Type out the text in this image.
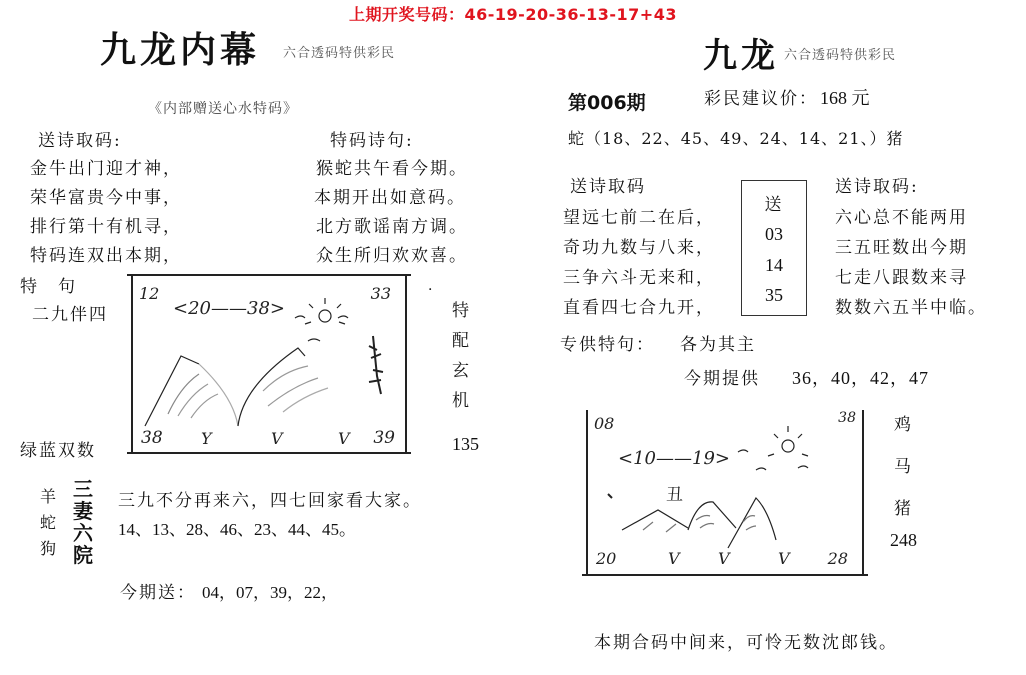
上期开奖号码：46-19-20-36-13-17+43
九龙内幕 六合透码特供彩民
《内部赠送心水特码》
送诗取码:
金牛出门迎才神，
荣华富贵今中事，
排行第十有机寻，
特码连双出本期，
特码诗句:
猴蛇共午看今期。
本期开出如意码。
北方歌谣南方调。
众生所归欢欢喜。
特　句
二九伴四
绿蓝双数
12	33
<20——38>
38 Y	V	V 39
·
特
配
玄
机
135
羊
蛇
狗
三
妻
六
院
三九不分再来六，四七回家看大家。
14、13、28、46、23、44、45。
今期送： 04，07，39，22，
九龙 六合透码特供彩民
第006期	彩民建议价： 168 元
蛇（18、22、45、49、24、14、21、）猪
送诗取码
望远七前二在后，
奇功九数与八来，
三争六斗无来和，
直看四七合九开，
送
03
14
35
送诗取码:
六心总不能两用
三五旺数出今期
七走八跟数来寻
数数六五半中临。
专供特句： 各为其主
今期提供 36，40，42，47
08	38
<10——19>
丑
20	V V	V 28
鸡
马
猪
248
本期合码中间来，可怜无数沈郎钱。
